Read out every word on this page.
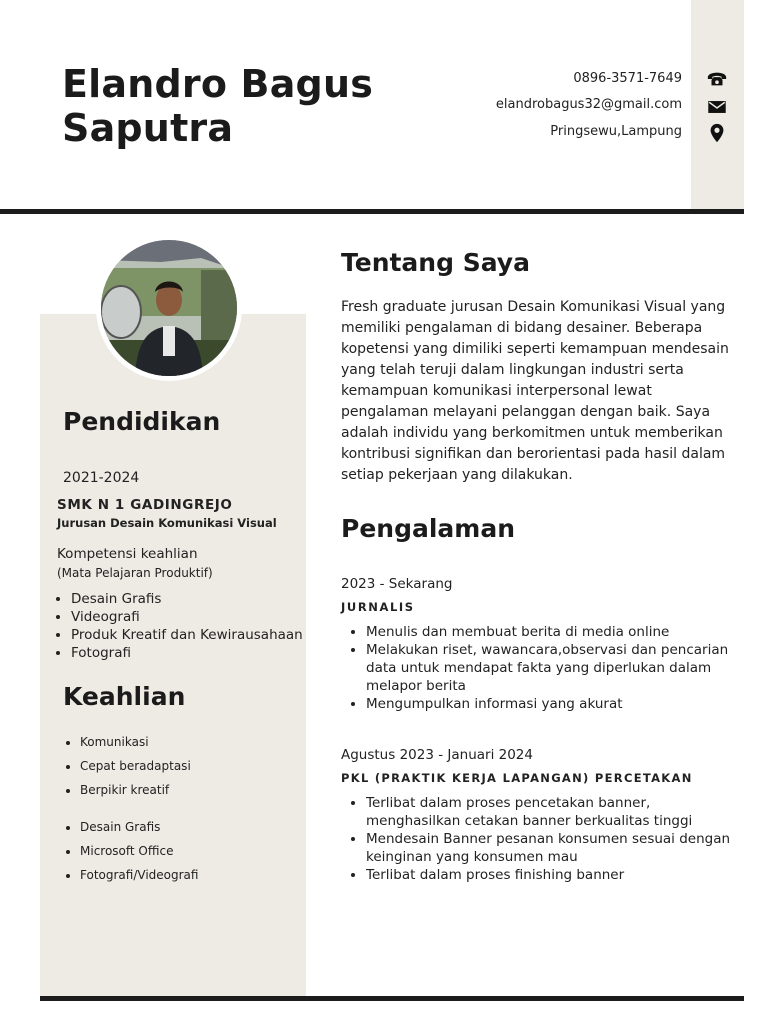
Elandro Bagus
Saputra
0896-3571-7649
elandrobagus32@gmail.com
Pringsewu,Lampung
Pendidikan
2021-2024
SMK N 1 GADINGREJO
Jurusan Desain Komunikasi Visual
Kompetensi keahlian
(Mata Pelajaran Produktif)
• Desain Grafis
• Videografi
• Produk Kreatif dan Kewirausahaan
• Fotografi
Keahlian
• Komunikasi
• Cepat beradaptasi
• Berpikir kreatif
• Desain Grafis
• Microsoft Office
• Fotografi/Videografi
Tentang Saya

Fresh graduate jurusan Desain Komunikasi Visual yang memiliki pengalaman di bidang desainer. Beberapa kopetensi yang dimiliki seperti kemampuan mendesain yang telah teruji dalam lingkungan industri serta kemampuan komunikasi interpersonal lewat pengalaman melayani pelanggan dengan baik. Saya adalah individu yang berkomitmen untuk memberikan kontribusi signifikan dan berorientasi pada hasil dalam setiap pekerjaan yang dilakukan.

Pengalaman
2023 - Sekarang
JURNALIS
• Menulis dan membuat berita di media online
• Melakukan riset, wawancara,observasi dan pencarian data untuk mendapat fakta yang diperlukan dalam melapor berita
• Mengumpulkan informasi yang akurat
Agustus 2023 - Januari 2024
PKL (PRAKTIK KERJA LAPANGAN) PERCETAKAN
• Terlibat dalam proses pencetakan banner, menghasilkan cetakan banner berkualitas tinggi
• Mendesain Banner pesanan konsumen sesuai dengan keinginan yang konsumen mau
• Terlibat dalam proses finishing banner
